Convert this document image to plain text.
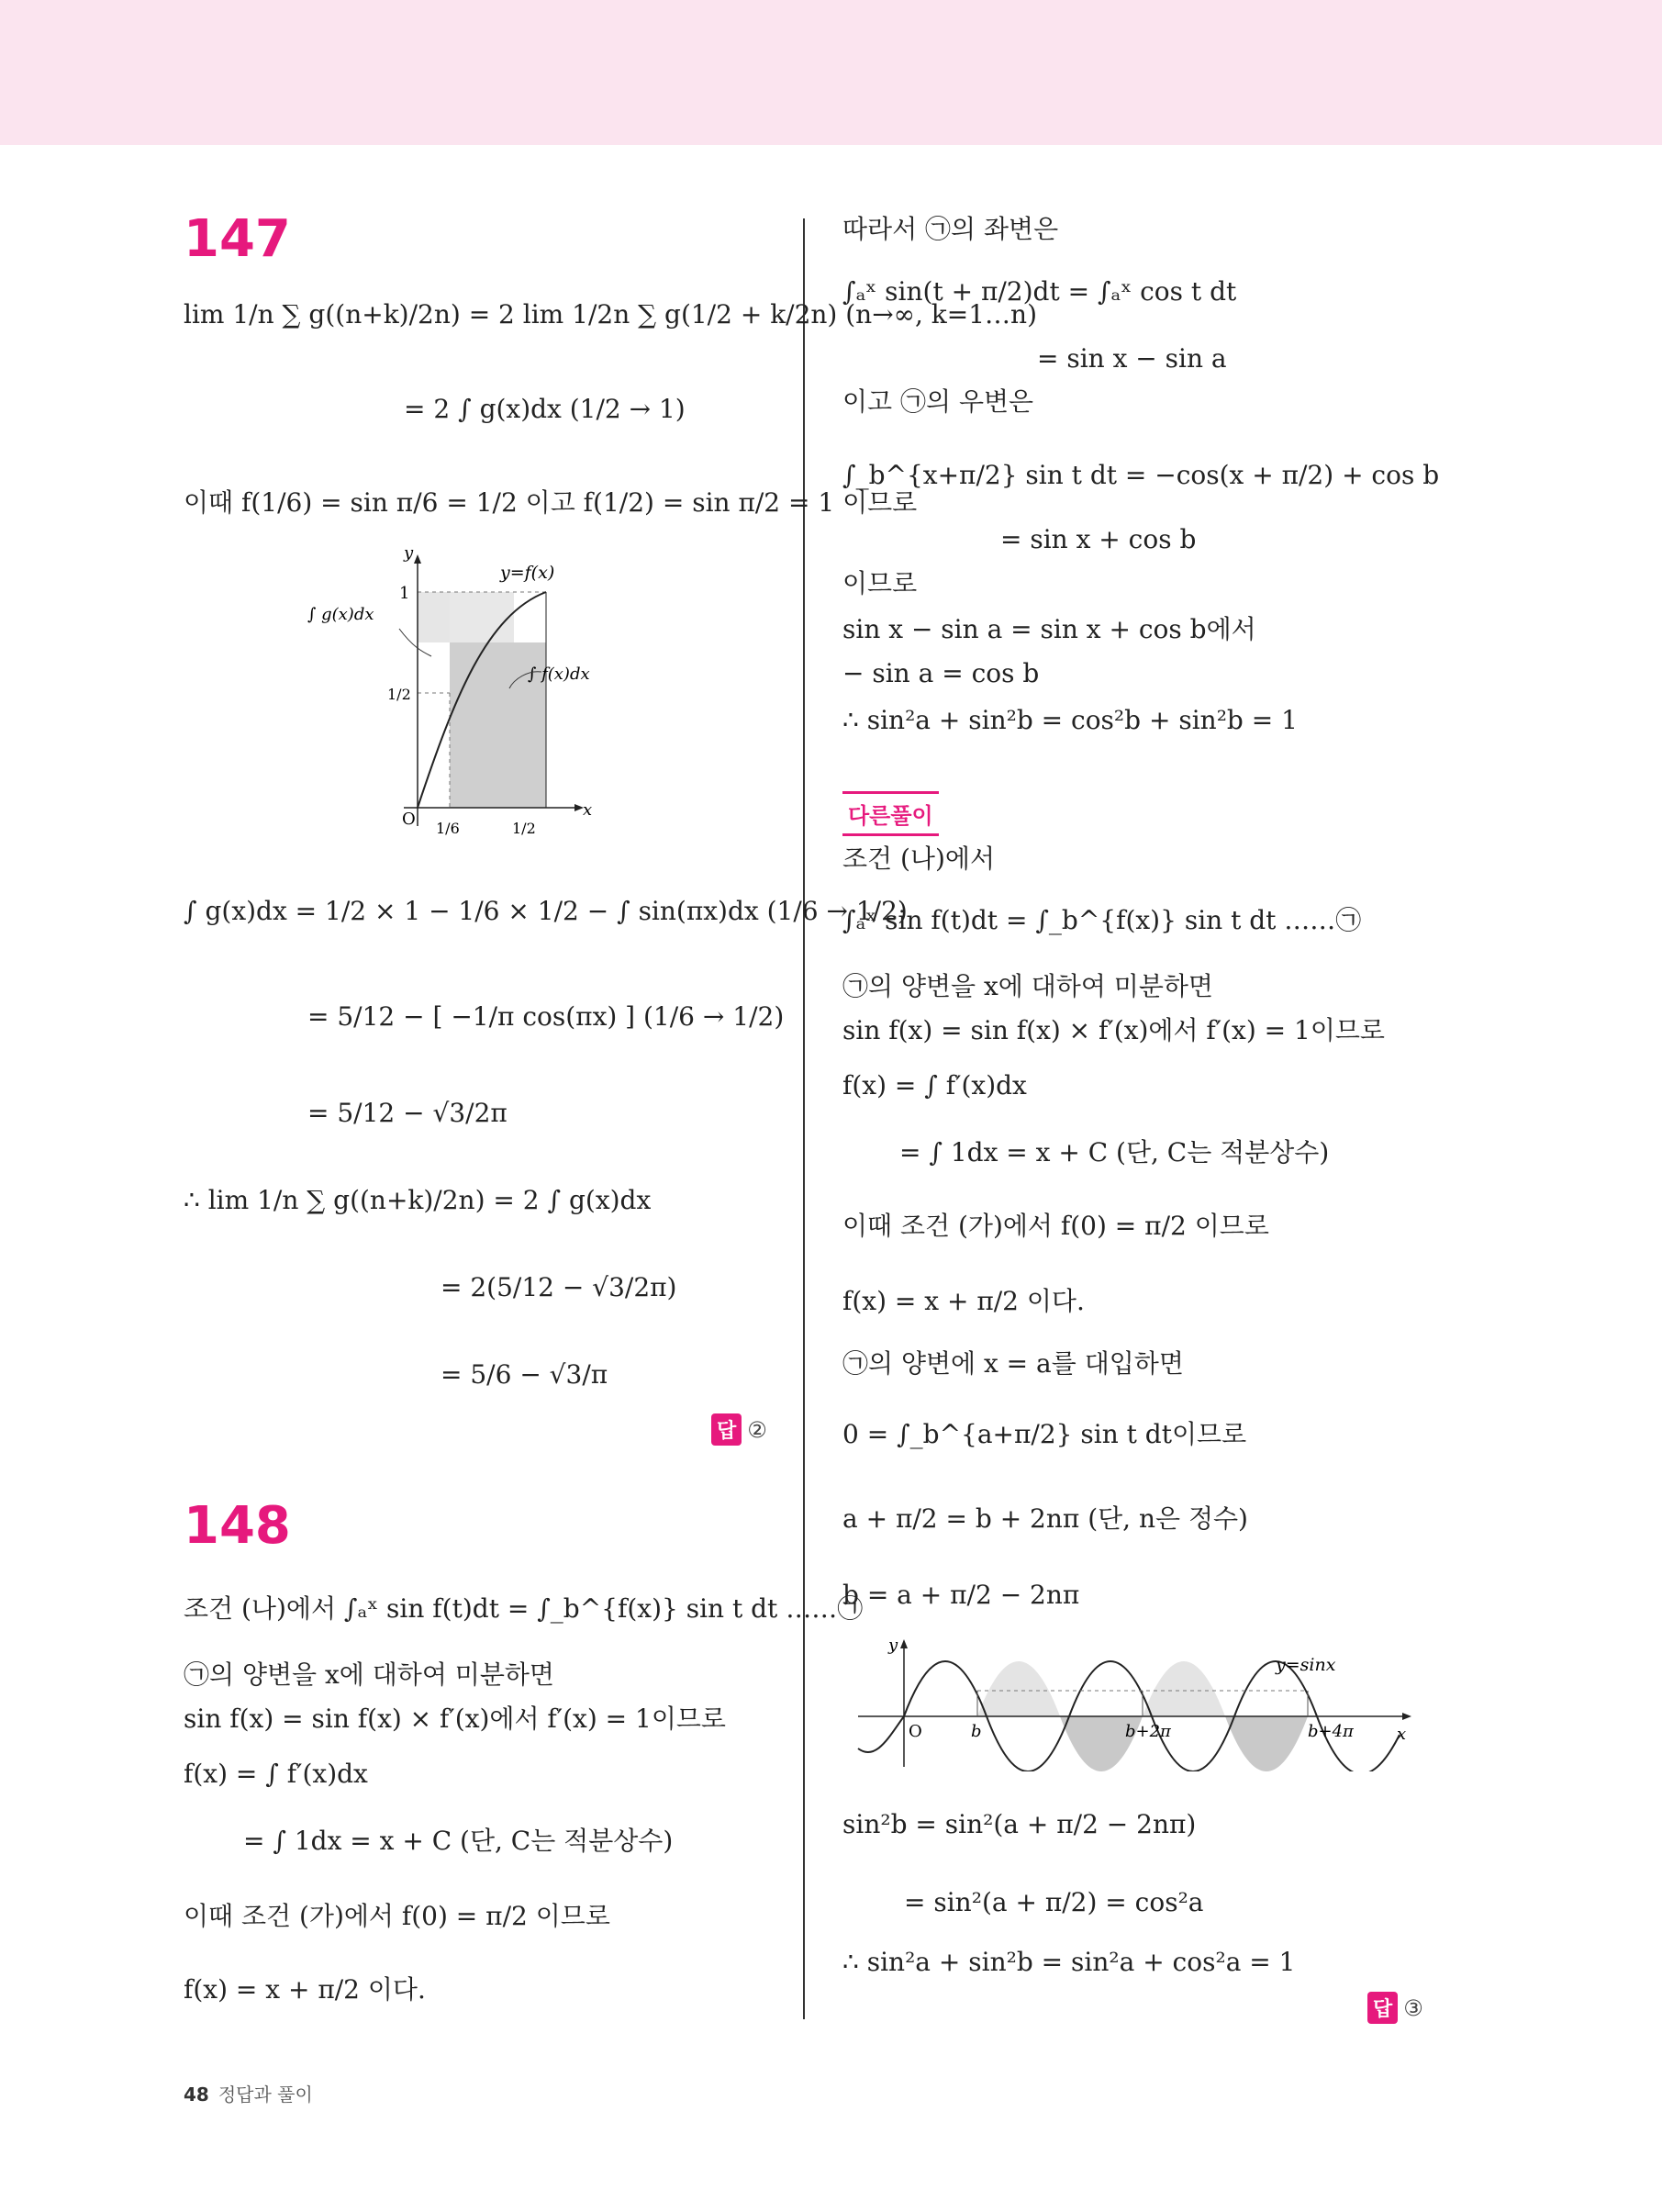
147
lim 1/n ∑ g((n+k)/2n) = 2 lim 1/2n ∑ g(1/2 + k/2n) (n→∞, k=1…n)
= 2 ∫ g(x)dx (1/2 → 1)
이때 f(1/6) = sin π/6 = 1/2 이고 f(1/2) = sin π/2 = 1 이므로
y
x
O
y=f(x)
1
1/2
1/6	1/2
∫ g(x)dx
∫ f(x)dx
∫ g(x)dx = 1/2 × 1 − 1/6 × 1/2 − ∫ sin(πx)dx (1/6 → 1/2)
= 5/12 − [ −1/π cos(πx) ] (1/6 → 1/2)
= 5/12 − √3/2π
∴ lim 1/n ∑ g((n+k)/2n) = 2 ∫ g(x)dx
= 2(5/12 − √3/2π)
= 5/6 − √3/π
답 ②
148
조건 (나)에서 ∫ₐˣ sin f(t)dt = ∫_b^{f(x)} sin t dt ……㉠
㉠의 양변을 x에 대하여 미분하면
sin f(x) = sin f(x) × f′(x)에서 f′(x) = 1이므로
f(x) = ∫ f′(x)dx
= ∫ 1dx = x + C (단, C는 적분상수)
이때 조건 (가)에서 f(0) = π/2 이므로
f(x) = x + π/2 이다.
따라서 ㉠의 좌변은
∫ₐˣ sin(t + π/2)dt = ∫ₐˣ cos t dt
= sin x − sin a
이고 ㉠의 우변은
∫_b^{x+π/2} sin t dt = −cos(x + π/2) + cos b
= sin x + cos b
이므로
sin x − sin a = sin x + cos b에서
− sin a = cos b
∴ sin²a + sin²b = cos²b + sin²b = 1
다른풀이
조건 (나)에서
∫ₐˣ sin f(t)dt = ∫_b^{f(x)} sin t dt ……㉠
㉠의 양변을 x에 대하여 미분하면
sin f(x) = sin f(x) × f′(x)에서 f′(x) = 1이므로
f(x) = ∫ f′(x)dx
= ∫ 1dx = x + C (단, C는 적분상수)
이때 조건 (가)에서 f(0) = π/2 이므로
f(x) = x + π/2 이다.
㉠의 양변에 x = a를 대입하면
0 = ∫_b^{a+π/2} sin t dt이므로
a + π/2 = b + 2nπ (단, n은 정수)
b = a + π/2 − 2nπ
y
x
O	b	b+2π	b+4π
y=sinx
sin²b = sin²(a + π/2 − 2nπ)
= sin²(a + π/2) = cos²a
∴ sin²a + sin²b = sin²a + cos²a = 1
답 ③
48 정답과 풀이
